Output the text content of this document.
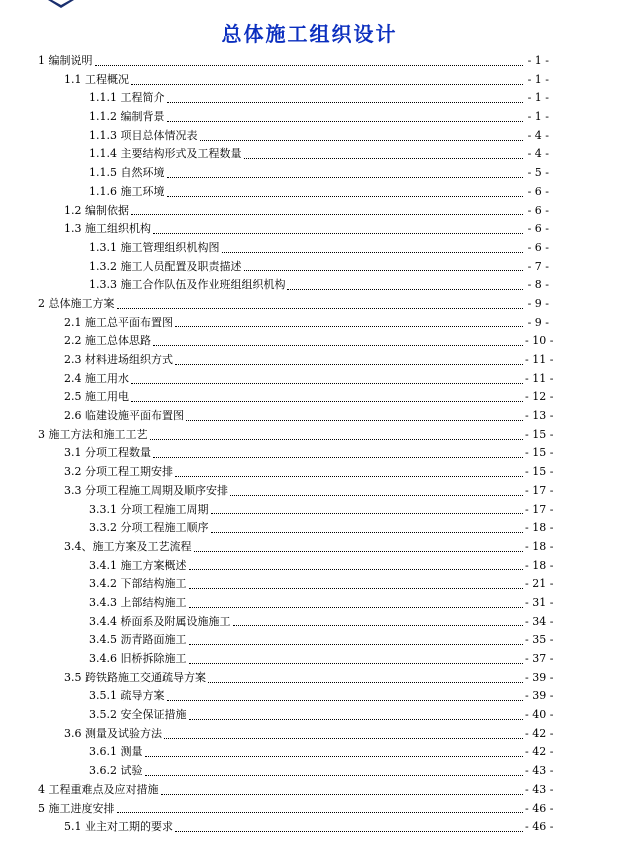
总体施工组织设计
1 编制说明	- 1 -
1.1 工程概况	- 1 -
1.1.1 工程简介	- 1 -
1.1.2 编制背景	- 1 -
1.1.3 项目总体情况表	- 4 -
1.1.4 主要结构形式及工程数量	- 4 -
1.1.5 自然环境	- 5 -
1.1.6 施工环境	- 6 -
1.2 编制依据	- 6 -
1.3 施工组织机构	- 6 -
1.3.1 施工管理组织机构图	- 6 -
1.3.2 施工人员配置及职责描述	- 7 -
1.3.3 施工合作队伍及作业班组组织机构	- 8 -
2 总体施工方案	- 9 -
2.1 施工总平面布置图	- 9 -
2.2 施工总体思路	- 10 -
2.3 材料进场组织方式	- 11 -
2.4 施工用水	- 11 -
2.5 施工用电	- 12 -
2.6 临建设施平面布置图	- 13 -
3 施工方法和施工工艺	- 15 -
3.1 分项工程数量	- 15 -
3.2 分项工程工期安排	- 15 -
3.3 分项工程施工周期及顺序安排	- 17 -
3.3.1 分项工程施工周期	- 17 -
3.3.2 分项工程施工顺序	- 18 -
3.4、施工方案及工艺流程	- 18 -
3.4.1 施工方案概述	- 18 -
3.4.2 下部结构施工	- 21 -
3.4.3 上部结构施工	- 31 -
3.4.4 桥面系及附属设施施工	- 34 -
3.4.5 沥青路面施工	- 35 -
3.4.6 旧桥拆除施工	- 37 -
3.5 跨铁路施工交通疏导方案	- 39 -
3.5.1 疏导方案	- 39 -
3.5.2 安全保证措施	- 40 -
3.6 测量及试验方法	- 42 -
3.6.1 测量	- 42 -
3.6.2 试验	- 43 -
4 工程重难点及应对措施	- 43 -
5 施工进度安排	- 46 -
5.1 业主对工期的要求	- 46 -
